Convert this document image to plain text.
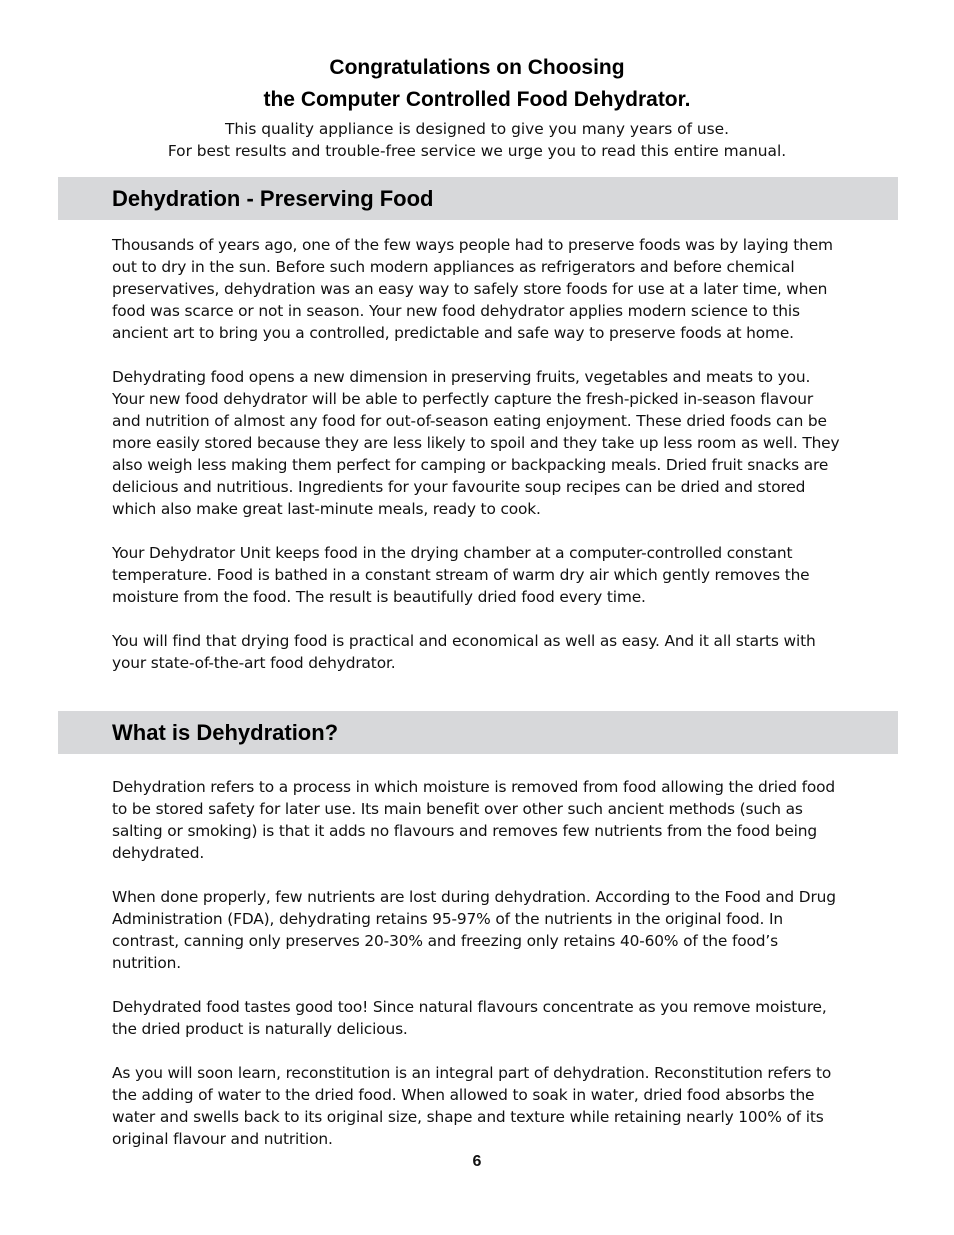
Congratulations on Choosing
the Computer Controlled Food Dehydrator.
This quality appliance is designed to give you many years of use.
For best results and trouble-free service we urge you to read this entire manual.
Dehydration - Preserving Food

Thousands of years ago, one of the few ways people had to preserve foods was by laying them out to dry in the sun. Before such modern appliances as refrigerators and before chemical preservatives, dehydration was an easy way to safely store foods for use at a later time, when food was scarce or not in season. Your new food dehydrator applies modern science to this ancient art to bring you a controlled, predictable and safe way to preserve foods at home.

Dehydrating food opens a new dimension in preserving fruits, vegetables and meats to you. Your new food dehydrator will be able to perfectly capture the fresh-picked in-season flavour and nutrition of almost any food for out-of-season eating enjoyment. These dried foods can be more easily stored because they are less likely to spoil and they take up less room as well. They also weigh less making them perfect for camping or backpacking meals. Dried fruit snacks are delicious and nutritious. Ingredients for your favourite soup recipes can be dried and stored which also make great last-minute meals, ready to cook.

Your Dehydrator Unit keeps food in the drying chamber at a computer-controlled constant temperature. Food is bathed in a constant stream of warm dry air which gently removes the moisture from the food. The result is beautifully dried food every time.

You will find that drying food is practical and economical as well as easy. And it all starts with your state-of-the-art food dehydrator.

What is Dehydration?

Dehydration refers to a process in which moisture is removed from food allowing the dried food to be stored safety for later use. Its main benefit over other such ancient methods (such as salting or smoking) is that it adds no flavours and removes few nutrients from the food being dehydrated.

When done properly, few nutrients are lost during dehydration. According to the Food and Drug Administration (FDA), dehydrating retains 95-97% of the nutrients in the original food. In contrast, canning only preserves 20-30% and freezing only retains 40-60% of the food’s nutrition.

Dehydrated food tastes good too! Since natural flavours concentrate as you remove moisture, the dried product is naturally delicious.

As you will soon learn, reconstitution is an integral part of dehydration. Reconstitution refers to the adding of water to the dried food. When allowed to soak in water, dried food absorbs the water and swells back to its original size, shape and texture while retaining nearly 100% of its original flavour and nutrition.

6
